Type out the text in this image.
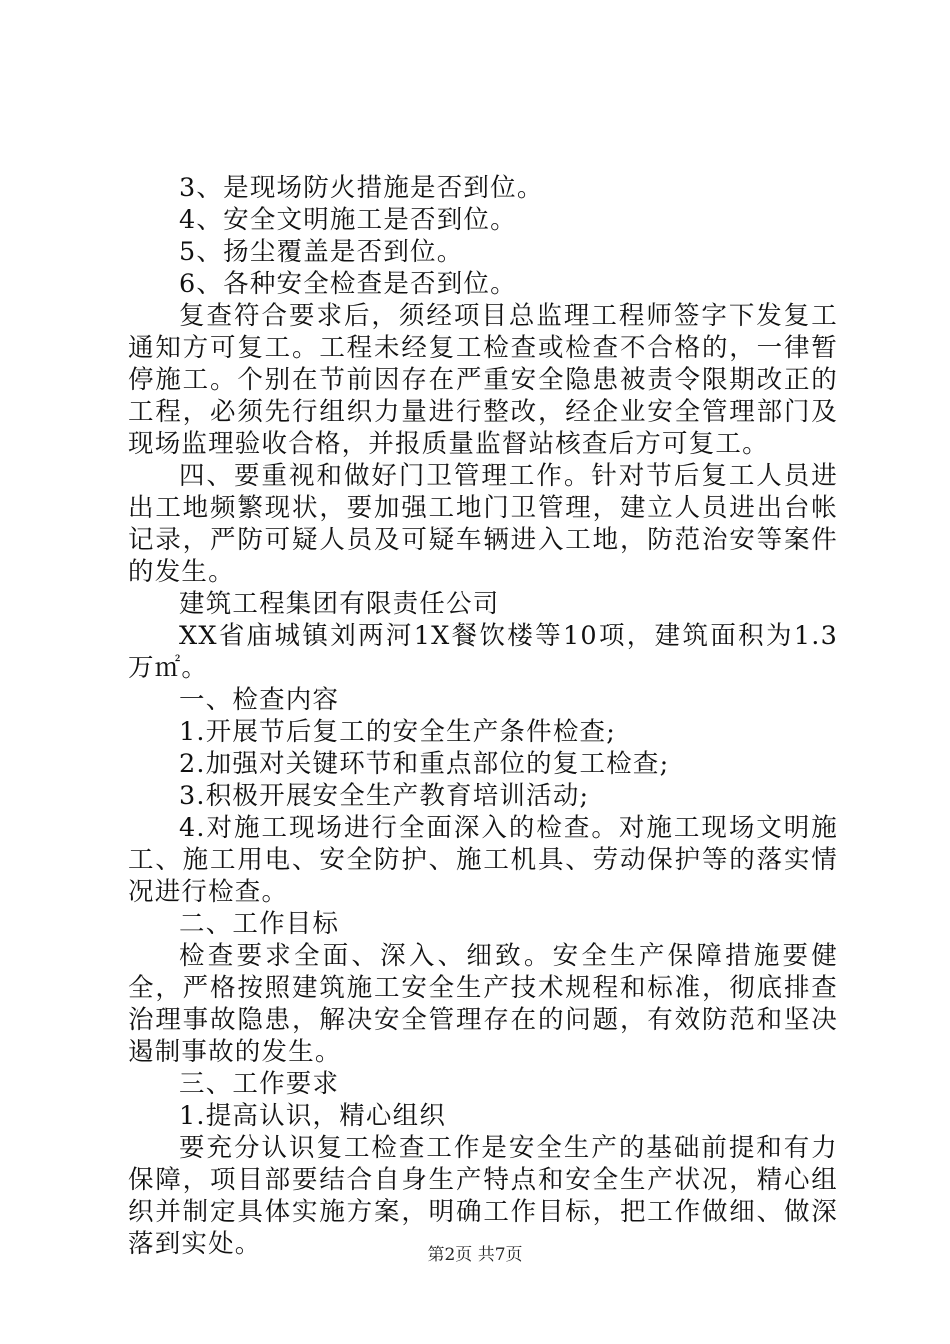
3、是现场防火措施是否到位。

4、安全文明施工是否到位。

5、扬尘覆盖是否到位。

6、各种安全检查是否到位。

复查符合要求后，须经项目总监理工程师签字下发复工通知方可复工。工程未经复工检查或检查不合格的，一律暂停施工。个别在节前因存在严重安全隐患被责令限期改正的工程，必须先行组织力量进行整改，经企业安全管理部门及现场监理验收合格，并报质量监督站核查后方可复工。

四、要重视和做好门卫管理工作。针对节后复工人员进出工地频繁现状，要加强工地门卫管理，建立人员进出台帐记录，严防可疑人员及可疑车辆进入工地，防范治安等案件的发生。

建筑工程集团有限责任公司

XX省庙城镇刘两河1X餐饮楼等10项，建筑面积为1.3万㎡。

一、检查内容

1.开展节后复工的安全生产条件检查;

2.加强对关键环节和重点部位的复工检查;

3.积极开展安全生产教育培训活动;

4.对施工现场进行全面深入的检查。对施工现场文明施工、施工用电、安全防护、施工机具、劳动保护等的落实情况进行检查。

二、工作目标

检查要求全面、深入、细致。安全生产保障措施要健全，严格按照建筑施工安全生产技术规程和标准，彻底排查治理事故隐患，解决安全管理存在的问题，有效防范和坚决遏制事故的发生。

三、工作要求

1.提高认识，精心组织

要充分认识复工检查工作是安全生产的基础前提和有力保障，项目部要结合自身生产特点和安全生产状况，精心组织并制定具体实施方案，明确工作目标，把工作做细、做深落到实处。	第2页 共7页
